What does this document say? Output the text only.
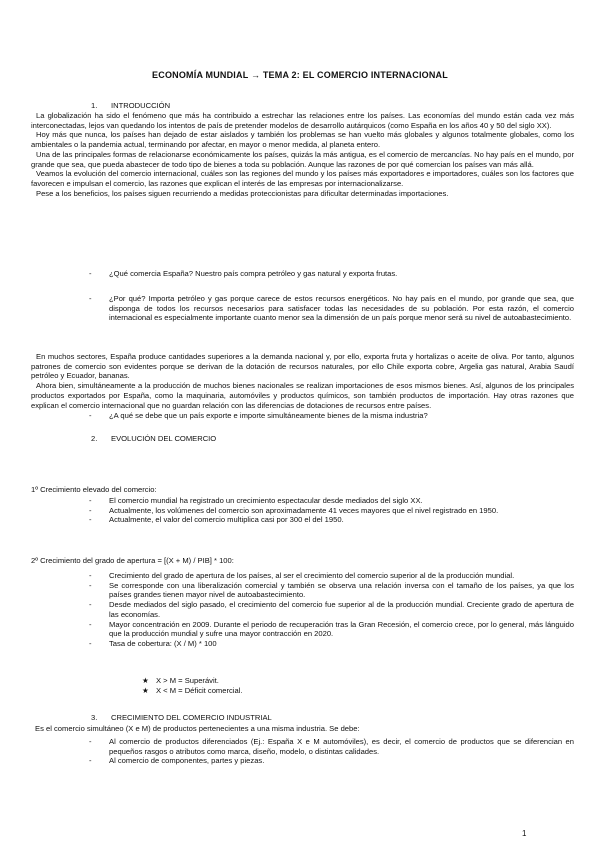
ECONOMÍA MUNDIAL → TEMA 2: EL COMERCIO INTERNACIONAL
1. INTRODUCCIÓN

La globalización ha sido el fenómeno que más ha contribuido a estrechar las relaciones entre los países. Las economías del mundo están cada vez más interconectadas, lejos van quedando los intentos de país de pretender modelos de desarrollo autárquicos (como España en los años 40 y 50 del siglo XX).

Hoy más que nunca, los países han dejado de estar aislados y también los problemas se han vuelto más globales y algunos totalmente globales, como los ambientales o la pandemia actual, terminando por afectar, en mayor o menor medida, al planeta entero.

Una de las principales formas de relacionarse económicamente los países, quizás la más antigua, es el comercio de mercancías. No hay país en el mundo, por grande que sea, que pueda abastecer de todo tipo de bienes a toda su población. Aunque las razones de por qué comercian los países van más allá.

Veamos la evolución del comercio internacional, cuáles son las regiones del mundo y los países más exportadores e importadores, cuáles son los factores que favorecen e impulsan el comercio, las razones que explican el interés de las empresas por internacionalizarse.

Pese a los beneficios, los países siguen recurriendo a medidas proteccionistas para dificultar determinadas importaciones.

- ¿Qué comercia España? Nuestro país compra petróleo y gas natural y exporta frutas.
- ¿Por qué? Importa petróleo y gas porque carece de estos recursos energéticos. No hay país en el mundo, por grande que sea, que disponga de todos los recursos necesarios para satisfacer todas las necesidades de su población. Por esta razón, el comercio internacional es especialmente importante cuanto menor sea la dimensión de un país porque menor será su nivel de autoabastecimiento.

En muchos sectores, España produce cantidades superiores a la demanda nacional y, por ello, exporta fruta y hortalizas o aceite de oliva. Por tanto, algunos patrones de comercio son evidentes porque se derivan de la dotación de recursos naturales, por ello Chile exporta cobre, Argelia gas natural, Arabia Saudí petróleo y Ecuador, bananas.

Ahora bien, simultáneamente a la producción de muchos bienes nacionales se realizan importaciones de esos mismos bienes. Así, algunos de los principales productos exportados por España, como la maquinaria, automóviles y productos químicos, son también productos de importación. Hay otras razones que explican el comercio internacional que no guardan relación con las diferencias de dotaciones de recursos entre países.

- ¿A qué se debe que un país exporte e importe simultáneamente bienes de la misma industria?
2. EVOLUCIÓN DEL COMERCIO
1º Crecimiento elevado del comercio:
- El comercio mundial ha registrado un crecimiento espectacular desde mediados del siglo XX.
- Actualmente, los volúmenes del comercio son aproximadamente 41 veces mayores que el nivel registrado en 1950.
- Actualmente, el valor del comercio multiplica casi por 300 el del 1950.
2º Crecimiento del grado de apertura = [(X + M) / PIB] * 100:
- Crecimiento del grado de apertura de los países, al ser el crecimiento del comercio superior al de la producción mundial.
- Se corresponde con una liberalización comercial y también se observa una relación inversa con el tamaño de los países, ya que los países grandes tienen mayor nivel de autoabastecimiento.
- Desde mediados del siglo pasado, el crecimiento del comercio fue superior al de la producción mundial. Creciente grado de apertura de las economías.
- Mayor concentración en 2009. Durante el periodo de recuperación tras la Gran Recesión, el comercio crece, por lo general, más lánguido que la producción mundial y sufre una mayor contracción en 2020.
- Tasa de cobertura: (X / M) * 100
★ X > M = Superávit.
★ X < M = Déficit comercial.
3. CRECIMIENTO DEL COMERCIO INDUSTRIAL
Es el comercio simultáneo (X e M) de productos pertenecientes a una misma industria. Se debe:
- Al comercio de productos diferenciados (Ej.: España X e M automóviles), es decir, el comercio de productos que se diferencian en pequeños rasgos o atributos como marca, diseño, modelo, o distintas calidades.
- Al comercio de componentes, partes y piezas.
1
